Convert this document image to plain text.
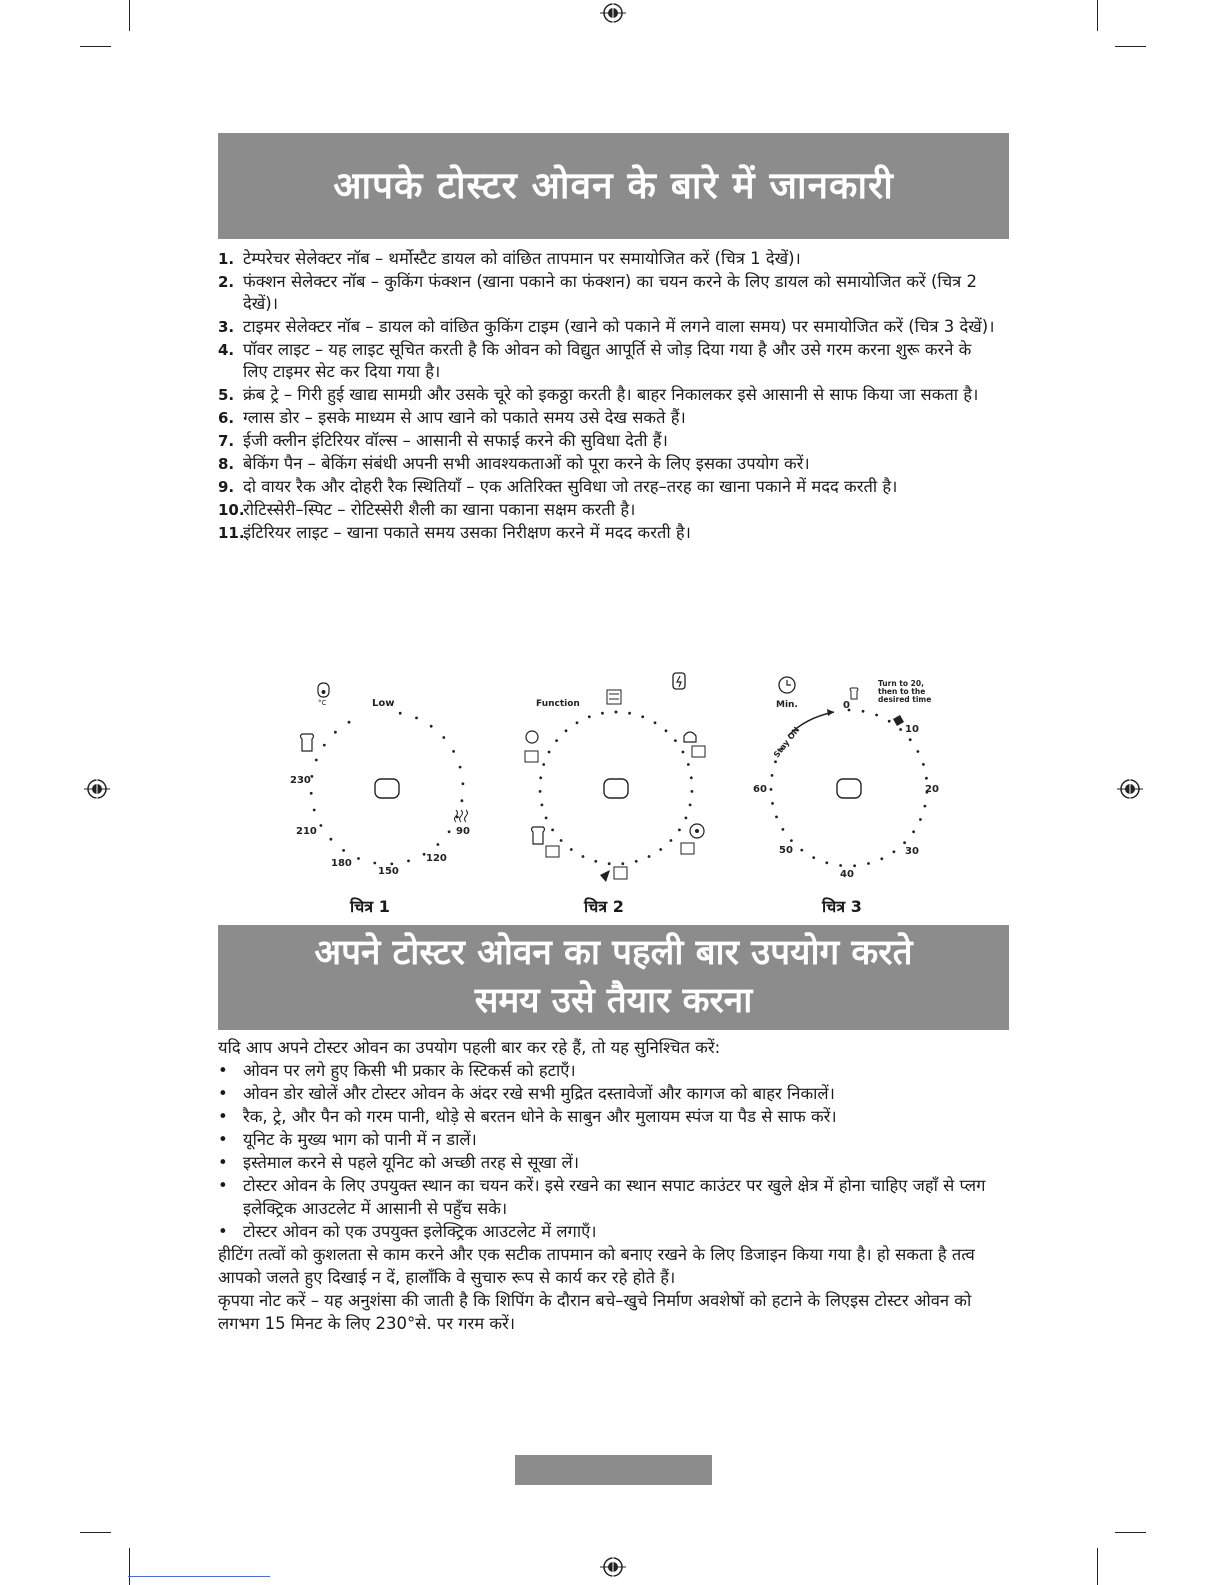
आपके टोस्टर ओवन के बारे में जानकारी
1. टेम्परेचर सेलेक्टर नॉब – थर्मोस्टैट डायल को वांछित तापमान पर समायोजित करें (चित्र 1 देखें)।
2. फंक्शन सेलेक्टर नॉब – कुकिंग फंक्शन (खाना पकाने का फंक्शन) का चयन करने के लिए डायल को समायोजित करें (चित्र 2 देखें)।
3. टाइमर सेलेक्टर नॉब – डायल को वांछित कुकिंग टाइम (खाने को पकाने में लगने वाला समय) पर समायोजित करें (चित्र 3 देखें)।
4. पॉवर लाइट – यह लाइट सूचित करती है कि ओवन को विद्युत आपूर्ति से जोड़ दिया गया है और उसे गरम करना शुरू करने के लिए टाइमर सेट कर दिया गया है।
5. क्रंब ट्रे – गिरी हुई खाद्य सामग्री और उसके चूरे को इकठ्ठा करती है। बाहर निकालकर इसे आसानी से साफ किया जा सकता है।
6. ग्लास डोर – इसके माध्यम से आप खाने को पकाते समय उसे देख सकते हैं।
7. ईजी क्लीन इंटिरियर वॉल्स – आसानी से सफाई करने की सुविधा देती हैं।
8. बेकिंग पैन – बेकिंग संबंधी अपनी सभी आवश्यकताओं को पूरा करने के लिए इसका उपयोग करें।
9. दो वायर रैक और दोहरी रैक स्थितियाँ – एक अतिरिक्त सुविधा जो तरह–तरह का खाना पकाने में मदद करती है।
10.
रोटिस्सेरी–स्पिट – रोटिस्सेरी शैली का खाना पकाना सक्षम करती है।
11.
इंटिरियर लाइट – खाना पकाते समय उसका निरीक्षण करने में मदद करती है।
°C	Low
230
210
180
150
120
90
Function	Min.	0
Turn to 20, then to the desired time
Stay ON	10
20
30
40
50
60
चित्र 1	चित्र 2	चित्र 3
अपने टोस्टर ओवन का पहली बार उपयोग करते
समय उसे तैयार करना

यदि आप अपने टोस्टर ओवन का उपयोग पहली बार कर रहे हैं, तो यह सुनिश्चित करें:

• ओवन पर लगे हुए किसी भी प्रकार के स्टिकर्स को हटाएँ।
• ओवन डोर खोलें और टोस्टर ओवन के अंदर रखे सभी मुद्रित दस्तावेजों और कागज को बाहर निकालें।
• रैक, ट्रे, और पैन को गरम पानी, थोड़े से बरतन धोने के साबुन और मुलायम स्पंज या पैड से साफ करें।
• यूनिट के मुख्य भाग को पानी में न डालें।
• इस्तेमाल करने से पहले यूनिट को अच्छी तरह से सूखा लें।
• टोस्टर ओवन के लिए उपयुक्त स्थान का चयन करें। इसे रखने का स्थान सपाट काउंटर पर खुले क्षेत्र में होना चाहिए जहाँ से प्लग इलेक्ट्रिक आउटलेट में आसानी से पहुँच सके।
• टोस्टर ओवन को एक उपयुक्त इलेक्ट्रिक आउटलेट में लगाएँ।

हीटिंग तत्वों को कुशलता से काम करने और एक सटीक तापमान को बनाए रखने के लिए डिजाइन किया गया है। हो सकता है तत्व आपको जलते हुए दिखाई न दें, हालाँकि वे सुचारु रूप से कार्य कर रहे होते हैं।

कृपया नोट करें – यह अनुशंसा की जाती है कि शिपिंग के दौरान बचे–खुचे निर्माण अवशेषों को हटाने के लिएइस टोस्टर ओवन को लगभग 15 मिनट के लिए 230°से. पर गरम करें।
